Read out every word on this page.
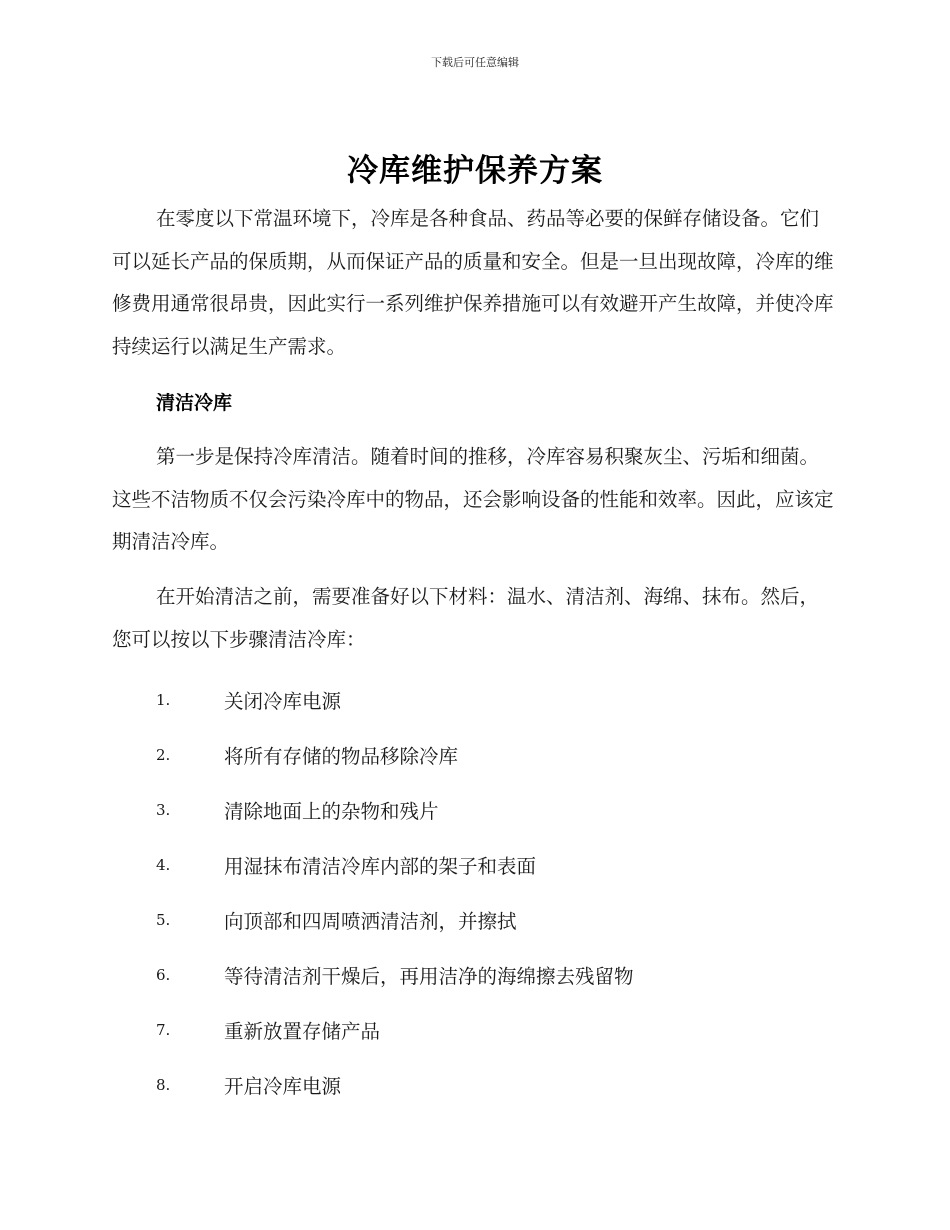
下载后可任意编辑
冷库维护保养方案

在零度以下常温环境下，冷库是各种食品、药品等必要的保鲜存储设备。它们可以延长产品的保质期，从而保证产品的质量和安全。但是一旦出现故障，冷库的维修费用通常很昂贵，因此实行一系列维护保养措施可以有效避开产生故障，并使冷库持续运行以满足生产需求。

清洁冷库

第一步是保持冷库清洁。随着时间的推移，冷库容易积聚灰尘、污垢和细菌。这些不洁物质不仅会污染冷库中的物品，还会影响设备的性能和效率。因此，应该定期清洁冷库。

在开始清洁之前，需要准备好以下材料：温水、清洁剂、海绵、抹布。然后，您可以按以下步骤清洁冷库：

1.	关闭冷库电源
2.	将所有存储的物品移除冷库
3.	清除地面上的杂物和残片
4.	用湿抹布清洁冷库内部的架子和表面
5.	向顶部和四周喷洒清洁剂，并擦拭
6.	等待清洁剂干燥后，再用洁净的海绵擦去残留物
7.	重新放置存储产品
8.	开启冷库电源
